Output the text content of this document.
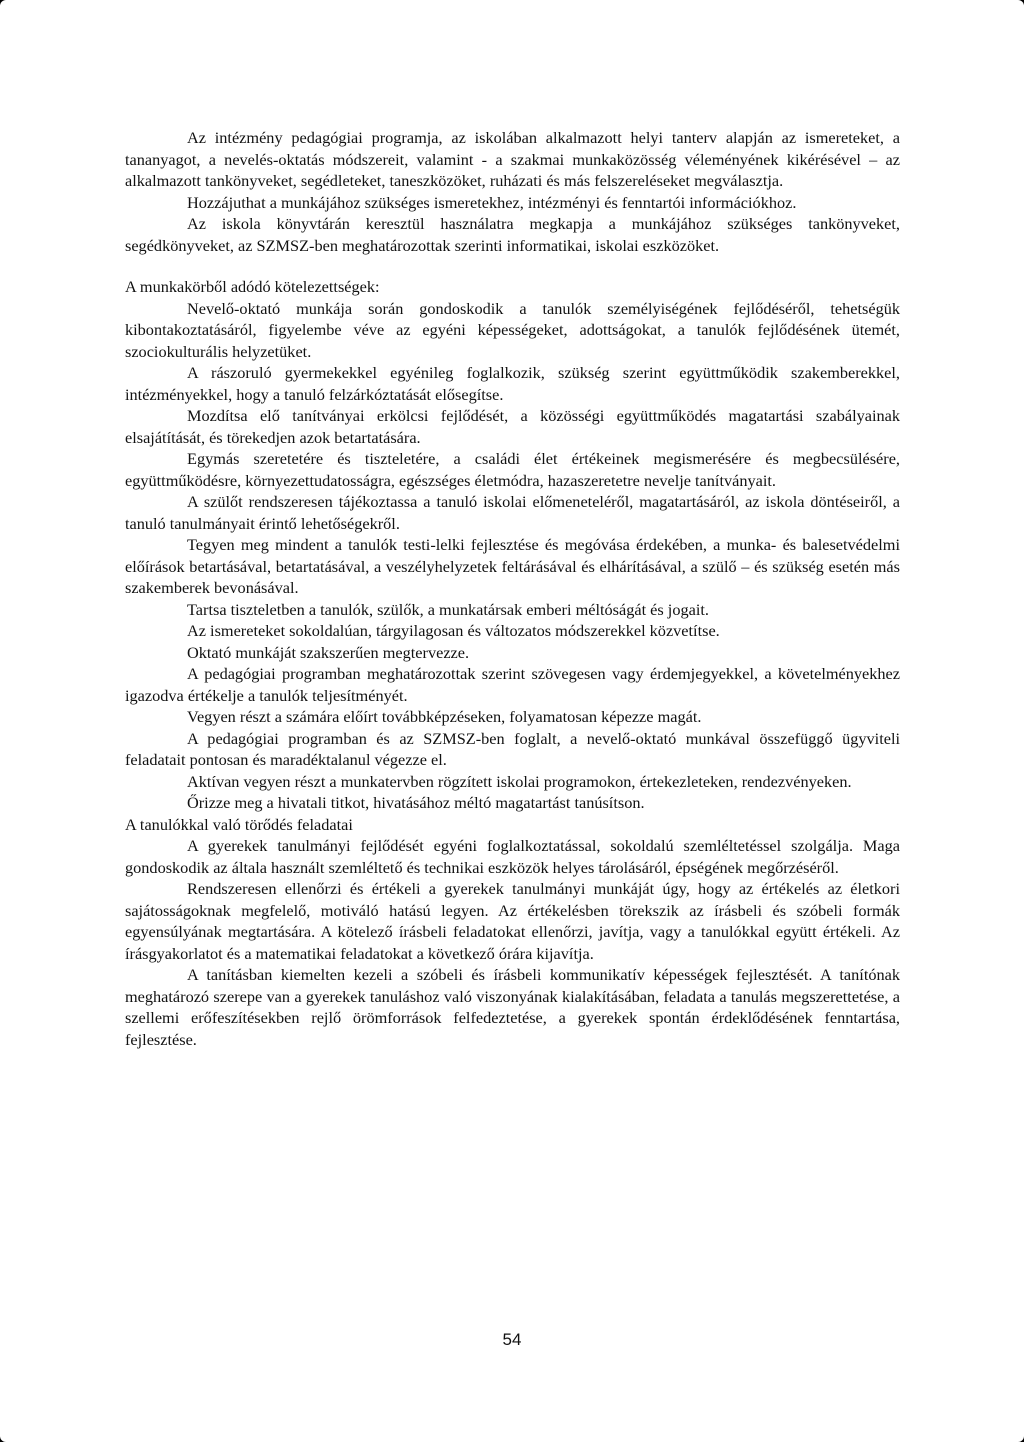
Az intézmény pedagógiai programja, az iskolában alkalmazott helyi tanterv alapján az ismereteket, a tananyagot, a nevelés-oktatás módszereit, valamint - a szakmai munkaközösség véleményének kikérésével – az alkalmazott tankönyveket, segédleteket, taneszközöket, ruházati és más felszereléseket megválasztja.

Hozzájuthat a munkájához szükséges ismeretekhez, intézményi és fenntartói információkhoz.

Az iskola könyvtárán keresztül használatra megkapja a munkájához szükséges tankönyveket, segédkönyveket, az SZMSZ-ben meghatározottak szerinti informatikai, iskolai eszközöket.

A munkakörből adódó kötelezettségek:

Nevelő-oktató munkája során gondoskodik a tanulók személyiségének fejlődéséről, tehetségük kibontakoztatásáról, figyelembe véve az egyéni képességeket, adottságokat, a tanulók fejlődésének ütemét, szociokulturális helyzetüket.

A rászoruló gyermekekkel egyénileg foglalkozik, szükség szerint együttműködik szakemberekkel, intézményekkel, hogy a tanuló felzárkóztatását elősegítse.

Mozdítsa elő tanítványai erkölcsi fejlődését, a közösségi együttműködés magatartási szabályainak elsajátítását, és törekedjen azok betartatására.

Egymás szeretetére és tiszteletére, a családi élet értékeinek megismerésére és megbecsülésére, együttműködésre, környezettudatosságra, egészséges életmódra, hazaszeretetre nevelje tanítványait.

A szülőt rendszeresen tájékoztassa a tanuló iskolai előmeneteléről, magatartásáról, az iskola döntéseiről, a tanuló tanulmányait érintő lehetőségekről.

Tegyen meg mindent a tanulók testi-lelki fejlesztése és megóvása érdekében, a munka- és balesetvédelmi előírások betartásával, betartatásával, a veszélyhelyzetek feltárásával és elhárításával, a szülő – és szükség esetén más szakemberek bevonásával.

Tartsa tiszteletben a tanulók, szülők, a munkatársak emberi méltóságát és jogait.

Az ismereteket sokoldalúan, tárgyilagosan és változatos módszerekkel közvetítse.

Oktató munkáját szakszerűen megtervezze.

A pedagógiai programban meghatározottak szerint szövegesen vagy érdemjegyekkel, a követelményekhez igazodva értékelje a tanulók teljesítményét.

Vegyen részt a számára előírt továbbképzéseken, folyamatosan képezze magát.

A pedagógiai programban és az SZMSZ-ben foglalt, a nevelő-oktató munkával összefüggő ügyviteli feladatait pontosan és maradéktalanul végezze el.

Aktívan vegyen részt a munkatervben rögzített iskolai programokon, értekezleteken, rendezvényeken.

Őrizze meg a hivatali titkot, hivatásához méltó magatartást tanúsítson.

A tanulókkal való törődés feladatai

A gyerekek tanulmányi fejlődését egyéni foglalkoztatással, sokoldalú szemléltetéssel szolgálja. Maga gondoskodik az általa használt szemléltető és technikai eszközök helyes tárolásáról, épségének megőrzéséről.

Rendszeresen ellenőrzi és értékeli a gyerekek tanulmányi munkáját úgy, hogy az értékelés az életkori sajátosságoknak megfelelő, motiváló hatású legyen. Az értékelésben törekszik az írásbeli és szóbeli formák egyensúlyának megtartására. A kötelező írásbeli feladatokat ellenőrzi, javítja, vagy a tanulókkal együtt értékeli. Az írásgyakorlatot és a matematikai feladatokat a következő órára kijavítja.

A tanításban kiemelten kezeli a szóbeli és írásbeli kommunikatív képességek fejlesztését. A tanítónak meghatározó szerepe van a gyerekek tanuláshoz való viszonyának kialakításában, feladata a tanulás megszerettetése, a szellemi erőfeszítésekben rejlő örömforrások felfedeztetése, a gyerekek spontán érdeklődésének fenntartása, fejlesztése.

54
